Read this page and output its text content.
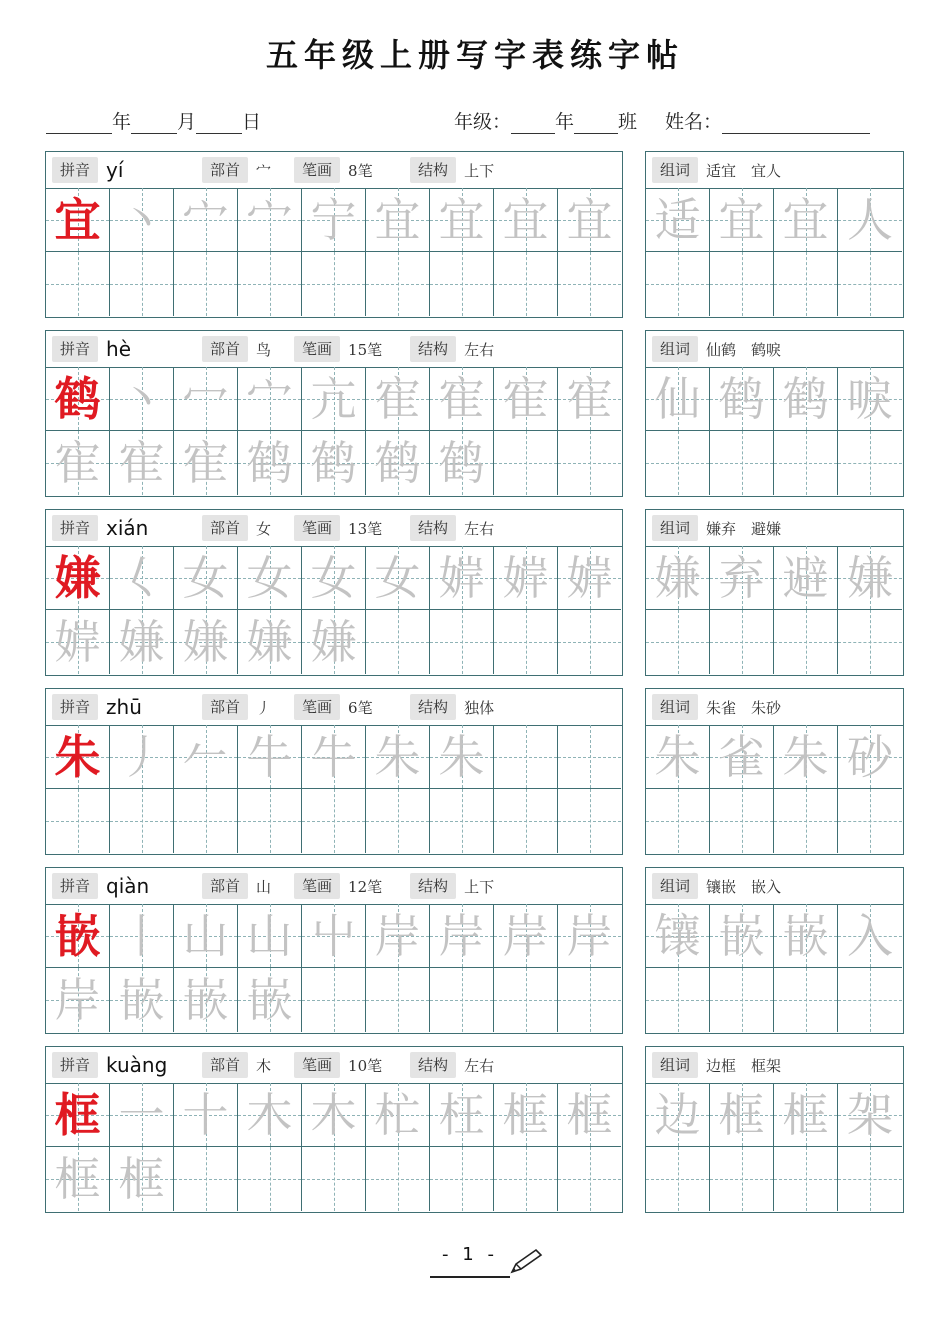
五年级上册写字表练字帖
年 月 日	年级： 年 班 姓名：
拼音 yí	部首	宀	笔画	8笔	结构	上下
宜 丶 宀 宀 宁 宜 宜 宜 宜
组词	适宜　宜人
适 宜 宜 人
拼音 hè	部首	鸟	笔画	15笔	结构	左右
鹤 丶 冖 宀 亢 寉 寉 寉 寉
寉 寉 寉 鹤 鹤 鹤 鹤
组词	仙鹤　鹤唳
仙 鹤 鹤 唳
拼音 xián	部首	女	笔画	13笔	结构	左右
嫌 𡿨 女 女 女 女 婩 婩 婩
婩 嫌 嫌 嫌 嫌
组词	嫌弃　避嫌
嫌 弃 避 嫌
拼音 zhū	部首	丿	笔画	6笔	结构	独体
朱 丿 𠂉 牛 牛 朱 朱
组词	朱雀　朱砂
朱 雀 朱 砂
拼音 qiàn	部首	山	笔画	12笔	结构	上下
嵌 丨 山 山 屮 岸 岸 岸 岸
岸 嵌 嵌 嵌
组词	镶嵌　嵌入
镶 嵌 嵌 入
拼音 kuàng	部首	木	笔画	10笔	结构	左右
框 一 十 木 木 杧 枉 框 框
框 框
组词	边框　框架
边 框 框 架
- 1 -
